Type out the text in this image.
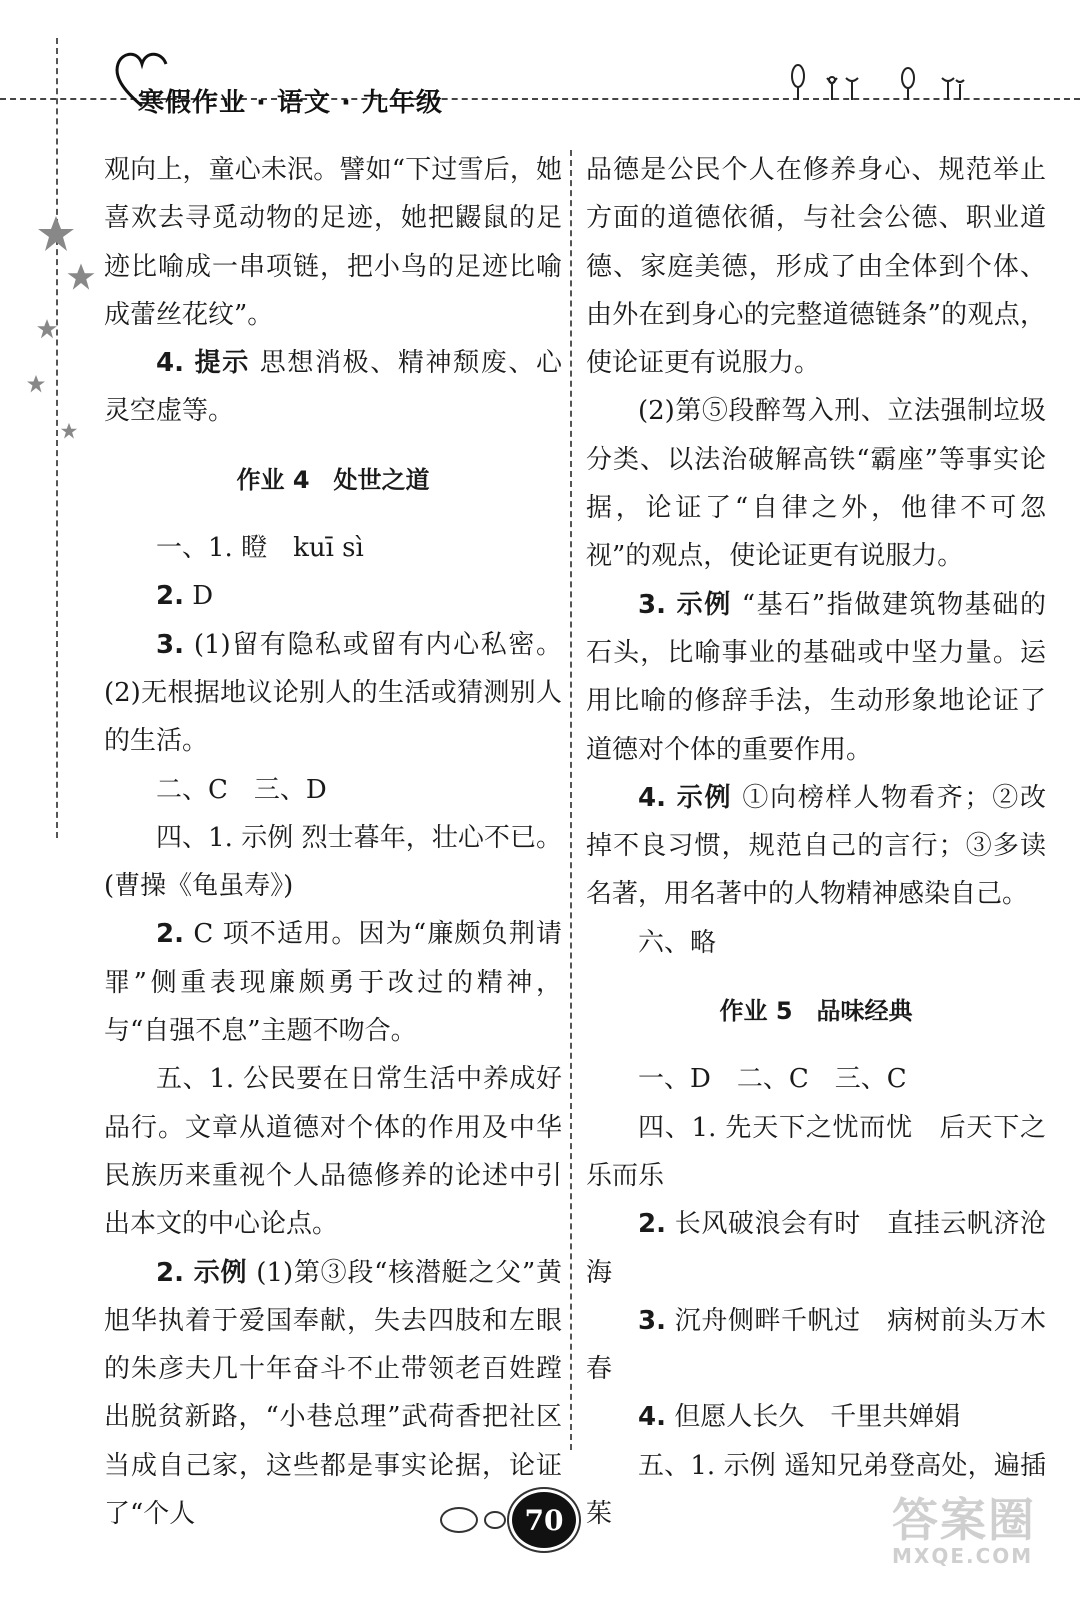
寒假作业 · 语文 · 九年级

观向上，童心未泯。譬如“下过雪后，她喜欢去寻觅动物的足迹，她把鼹鼠的足迹比喻成一串项链，把小鸟的足迹比喻成蕾丝花纹”。

4. 提示 思想消极、精神颓废、心灵空虚等。

作业 4　处世之道

一、1. 瞪　kuī sì

2. D

3. (1)留有隐私或留有内心私密。(2)无根据地议论别人的生活或猜测别人的生活。

二、C　三、D

四、1. 示例 烈士暮年，壮心不已。(曹操《龟虽寿》)

2. C 项不适用。因为“廉颇负荆请罪”侧重表现廉颇勇于改过的精神，与“自强不息”主题不吻合。

五、1. 公民要在日常生活中养成好品行。文章从道德对个体的作用及中华民族历来重视个人品德修养的论述中引出本文的中心论点。

2. 示例 (1)第③段“核潜艇之父”黄旭华执着于爱国奉献，失去四肢和左眼的朱彦夫几十年奋斗不止带领老百姓蹚出脱贫新路，“小巷总理”武荷香把社区当成自己家，这些都是事实论据，论证了“个人

品德是公民个人在修养身心、规范举止方面的道德依循，与社会公德、职业道德、家庭美德，形成了由全体到个体、由外在到身心的完整道德链条”的观点，使论证更有说服力。

(2)第⑤段醉驾入刑、立法强制垃圾分类、以法治破解高铁“霸座”等事实论据，论证了“自律之外，他律不可忽视”的观点，使论证更有说服力。

3. 示例 “基石”指做建筑物基础的石头，比喻事业的基础或中坚力量。运用比喻的修辞手法，生动形象地论证了道德对个体的重要作用。

4. 示例 ①向榜样人物看齐；②改掉不良习惯，规范自己的言行；③多读名著，用名著中的人物精神感染自己。

六、略

作业 5　品味经典

一、D　二、C　三、C

四、1. 先天下之忧而忧　后天下之乐而乐

2. 长风破浪会有时　直挂云帆济沧海

3. 沉舟侧畔千帆过　病树前头万木春

4. 但愿人长久　千里共婵娟

五、1. 示例 遥知兄弟登高处，遍插茱

70	答案圈
MXQE.COM
